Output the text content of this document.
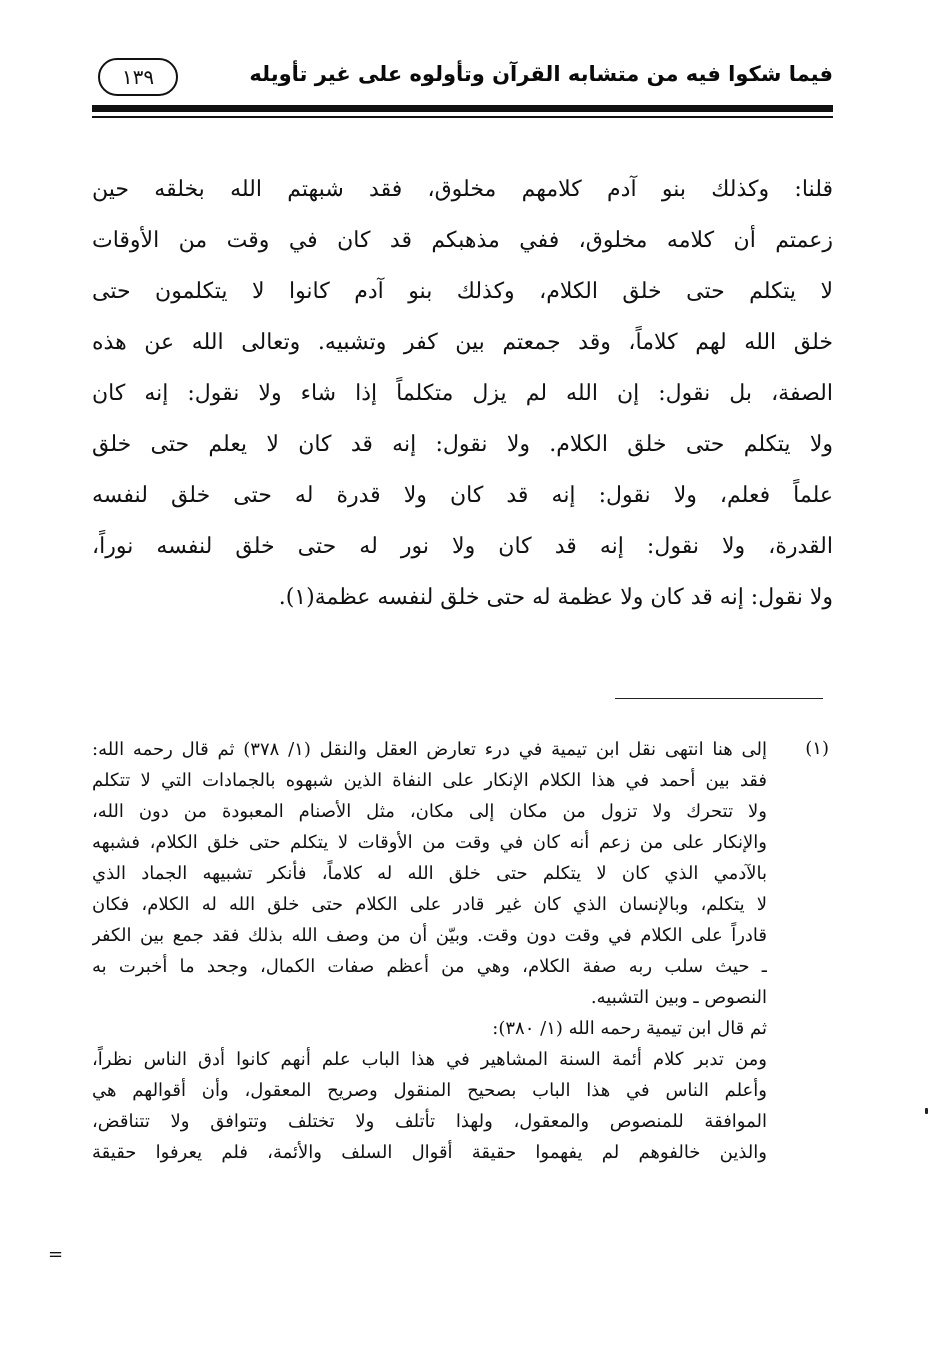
فيما شكوا فيه من متشابه القرآن وتأولوه على غير تأويله
١٣٩
قلنا: وكذلك بنو آدم كلامهم مخلوق، فقد شبهتم الله بخلقه حين
زعمتم أن كلامه مخلوق، ففي مذهبكم قد كان في وقت من الأوقات
لا يتكلم حتى خلق الكلام، وكذلك بنو آدم كانوا لا يتكلمون حتى
خلق الله لهم كلاماً، وقد جمعتم بين كفر وتشبيه. وتعالى الله عن هذه
الصفة، بل نقول: إن الله لم يزل متكلماً إذا شاء ولا نقول: إنه كان
ولا يتكلم حتى خلق الكلام. ولا نقول: إنه قد كان لا يعلم حتى خلق
علماً فعلم، ولا نقول: إنه قد كان ولا قدرة له حتى خلق لنفسه
القدرة، ولا نقول: إنه قد كان ولا نور له حتى خلق لنفسه نوراً،
ولا نقول: إنه قد كان ولا عظمة له حتى خلق لنفسه عظمة(١).
(١)
إلى هنا انتهى نقل ابن تيمية في درء تعارض العقل والنقل (١/ ٣٧٨) ثم قال رحمه الله:
فقد بين أحمد في هذا الكلام الإنكار على النفاة الذين شبهوه بالجمادات التي لا تتكلم
ولا تتحرك ولا تزول من مكان إلى مكان، مثل الأصنام المعبودة من دون الله،
والإنكار على من زعم أنه كان في وقت من الأوقات لا يتكلم حتى خلق الكلام، فشبهه
بالآدمي الذي كان لا يتكلم حتى خلق الله له كلاماً، فأنكر تشبيهه الجماد الذي
لا يتكلم، وبالإنسان الذي كان غير قادر على الكلام حتى خلق الله له الكلام، فكان
قادراً على الكلام في وقت دون وقت. وبيّن أن من وصف الله بذلك فقد جمع بين الكفر
ـ حيث سلب ربه صفة الكلام، وهي من أعظم صفات الكمال، وجحد ما أخبرت به
النصوص ـ وبين التشبيه.
ثم قال ابن تيمية رحمه الله (١/ ٣٨٠):
ومن تدبر كلام أئمة السنة المشاهير في هذا الباب علم أنهم كانوا أدق الناس نظراً،
وأعلم الناس في هذا الباب بصحيح المنقول وصريح المعقول، وأن أقوالهم هي
الموافقة للمنصوص والمعقول، ولهذا تأتلف ولا تختلف وتتوافق ولا تتناقض،
والذين خالفوهم لم يفهموا حقيقة أقوال السلف والأئمة، فلم يعرفوا حقيقة
=
